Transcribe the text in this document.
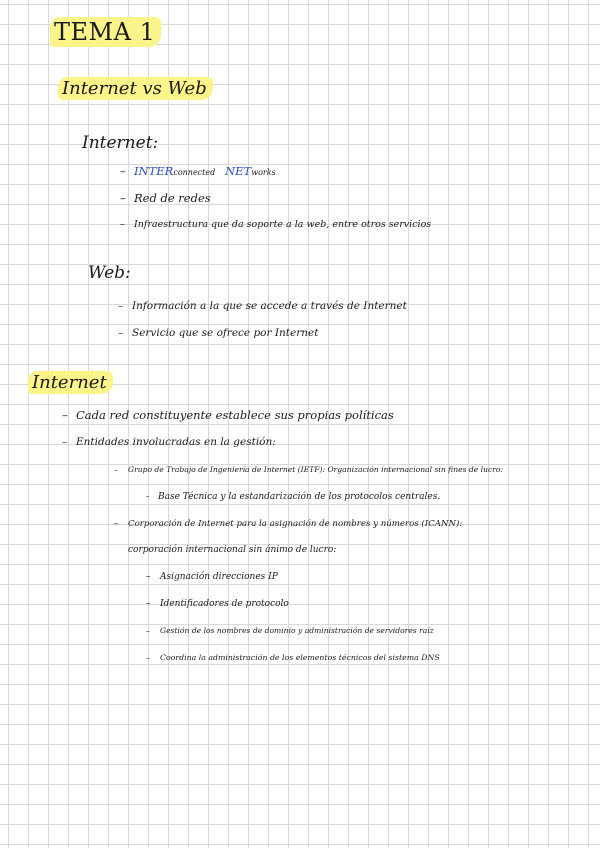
TEMA 1
Internet vs Web
Internet:
– INTERconnected   NETworks
– Red de redes
– Infraestructura que da soporte a la web, entre otros servicios
Web:
– Información a la que se accede a través de Internet
– Servicio que se ofrece por Internet
Internet
– Cada red constituyente establece sus propias políticas
– Entidades involucradas en la gestión:
– Grupo de Trabajo de Ingeniería de Internet (IETF): Organización internacional sin fines de lucro:
- Base Técnica y la estandarización de los protocolos centrales.
– Corporación de Internet para la asignación de nombres y números (ICANN):
corporación internacional sin ánimo de lucro:
– Asignación direcciones IP
– Identificadores de protocolo
– Gestión de los nombres de dominio y administración de servidores raíz
– Coordina la administración de los elementos técnicos del sistema DNS
